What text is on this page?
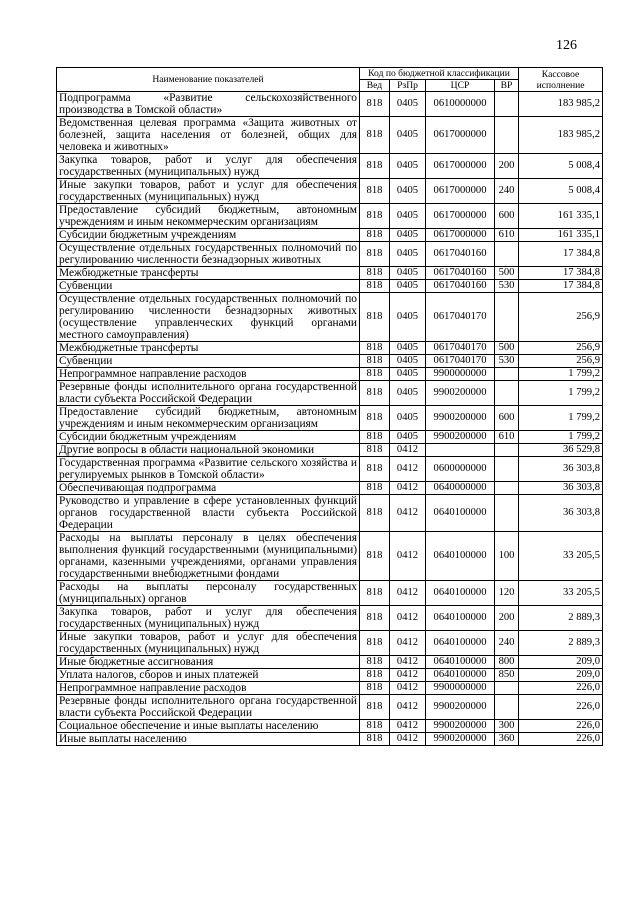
126
Наименование показателей	Код по бюджетной классификации				Кассовое исполнение
	Вед	РзПр	ЦСР	ВР	
Подпрограмма «Развитие сельскохозяйственного производства в Томской области»	818	0405	0610000000		183 985,2
Ведомственная целевая программа «Защита животных от болезней, защита населения от болезней, общих для человека и животных»	818	0405	0617000000		183 985,2
Закупка товаров, работ и услуг для обеспечения государственных (муниципальных) нужд	818	0405	0617000000	200	5 008,4
Иные закупки товаров, работ и услуг для обеспечения государственных (муниципальных) нужд	818	0405	0617000000	240	5 008,4
Предоставление субсидий бюджетным, автономным учреждениям и иным некоммерческим организациям	818	0405	0617000000	600	161 335,1
Субсидии бюджетным учреждениям	818	0405	0617000000	610	161 335,1
Осуществление отдельных государственных полномочий по регулированию численности безнадзорных животных	818	0405	0617040160		17 384,8
Межбюджетные трансферты	818	0405	0617040160	500	17 384,8
Субвенции	818	0405	0617040160	530	17 384,8
Осуществление отдельных государственных полномочий по регулированию численности безнадзорных животных (осуществление управленческих функций органами местного самоуправления)	818	0405	0617040170		256,9
Межбюджетные трансферты	818	0405	0617040170	500	256,9
Субвенции	818	0405	0617040170	530	256,9
Непрограммное направление расходов	818	0405	9900000000		1 799,2
Резервные фонды исполнительного органа государственной власти субъекта Российской Федерации	818	0405	9900200000		1 799,2
Предоставление субсидий бюджетным, автономным учреждениям и иным некоммерческим организациям	818	0405	9900200000	600	1 799,2
Субсидии бюджетным учреждениям	818	0405	9900200000	610	1 799,2
Другие вопросы в области национальной экономики	818	0412			36 529,8
Государственная программа «Развитие сельского хозяйства и регулируемых рынков в Томской области»	818	0412	0600000000		36 303,8
Обеспечивающая подпрограмма	818	0412	0640000000		36 303,8
Руководство и управление в сфере установленных функций органов государственной власти субъекта Российской Федерации	818	0412	0640100000		36 303,8
Расходы на выплаты персоналу в целях обеспечения выполнения функций государственными (муниципальными) органами, казенными учреждениями, органами управления государственными внебюджетными фондами	818	0412	0640100000	100	33 205,5
Расходы на выплаты персоналу государственных (муниципальных) органов	818	0412	0640100000	120	33 205,5
Закупка товаров, работ и услуг для обеспечения государственных (муниципальных) нужд	818	0412	0640100000	200	2 889,3
Иные закупки товаров, работ и услуг для обеспечения государственных (муниципальных) нужд	818	0412	0640100000	240	2 889,3
Иные бюджетные ассигнования	818	0412	0640100000	800	209,0
Уплата налогов, сборов и иных платежей	818	0412	0640100000	850	209,0
Непрограммное направление расходов	818	0412	9900000000		226,0
Резервные фонды исполнительного органа государственной власти субъекта Российской Федерации	818	0412	9900200000		226,0
Социальное обеспечение и иные выплаты населению	818	0412	9900200000	300	226,0
Иные выплаты населению	818	0412	9900200000	360	226,0
